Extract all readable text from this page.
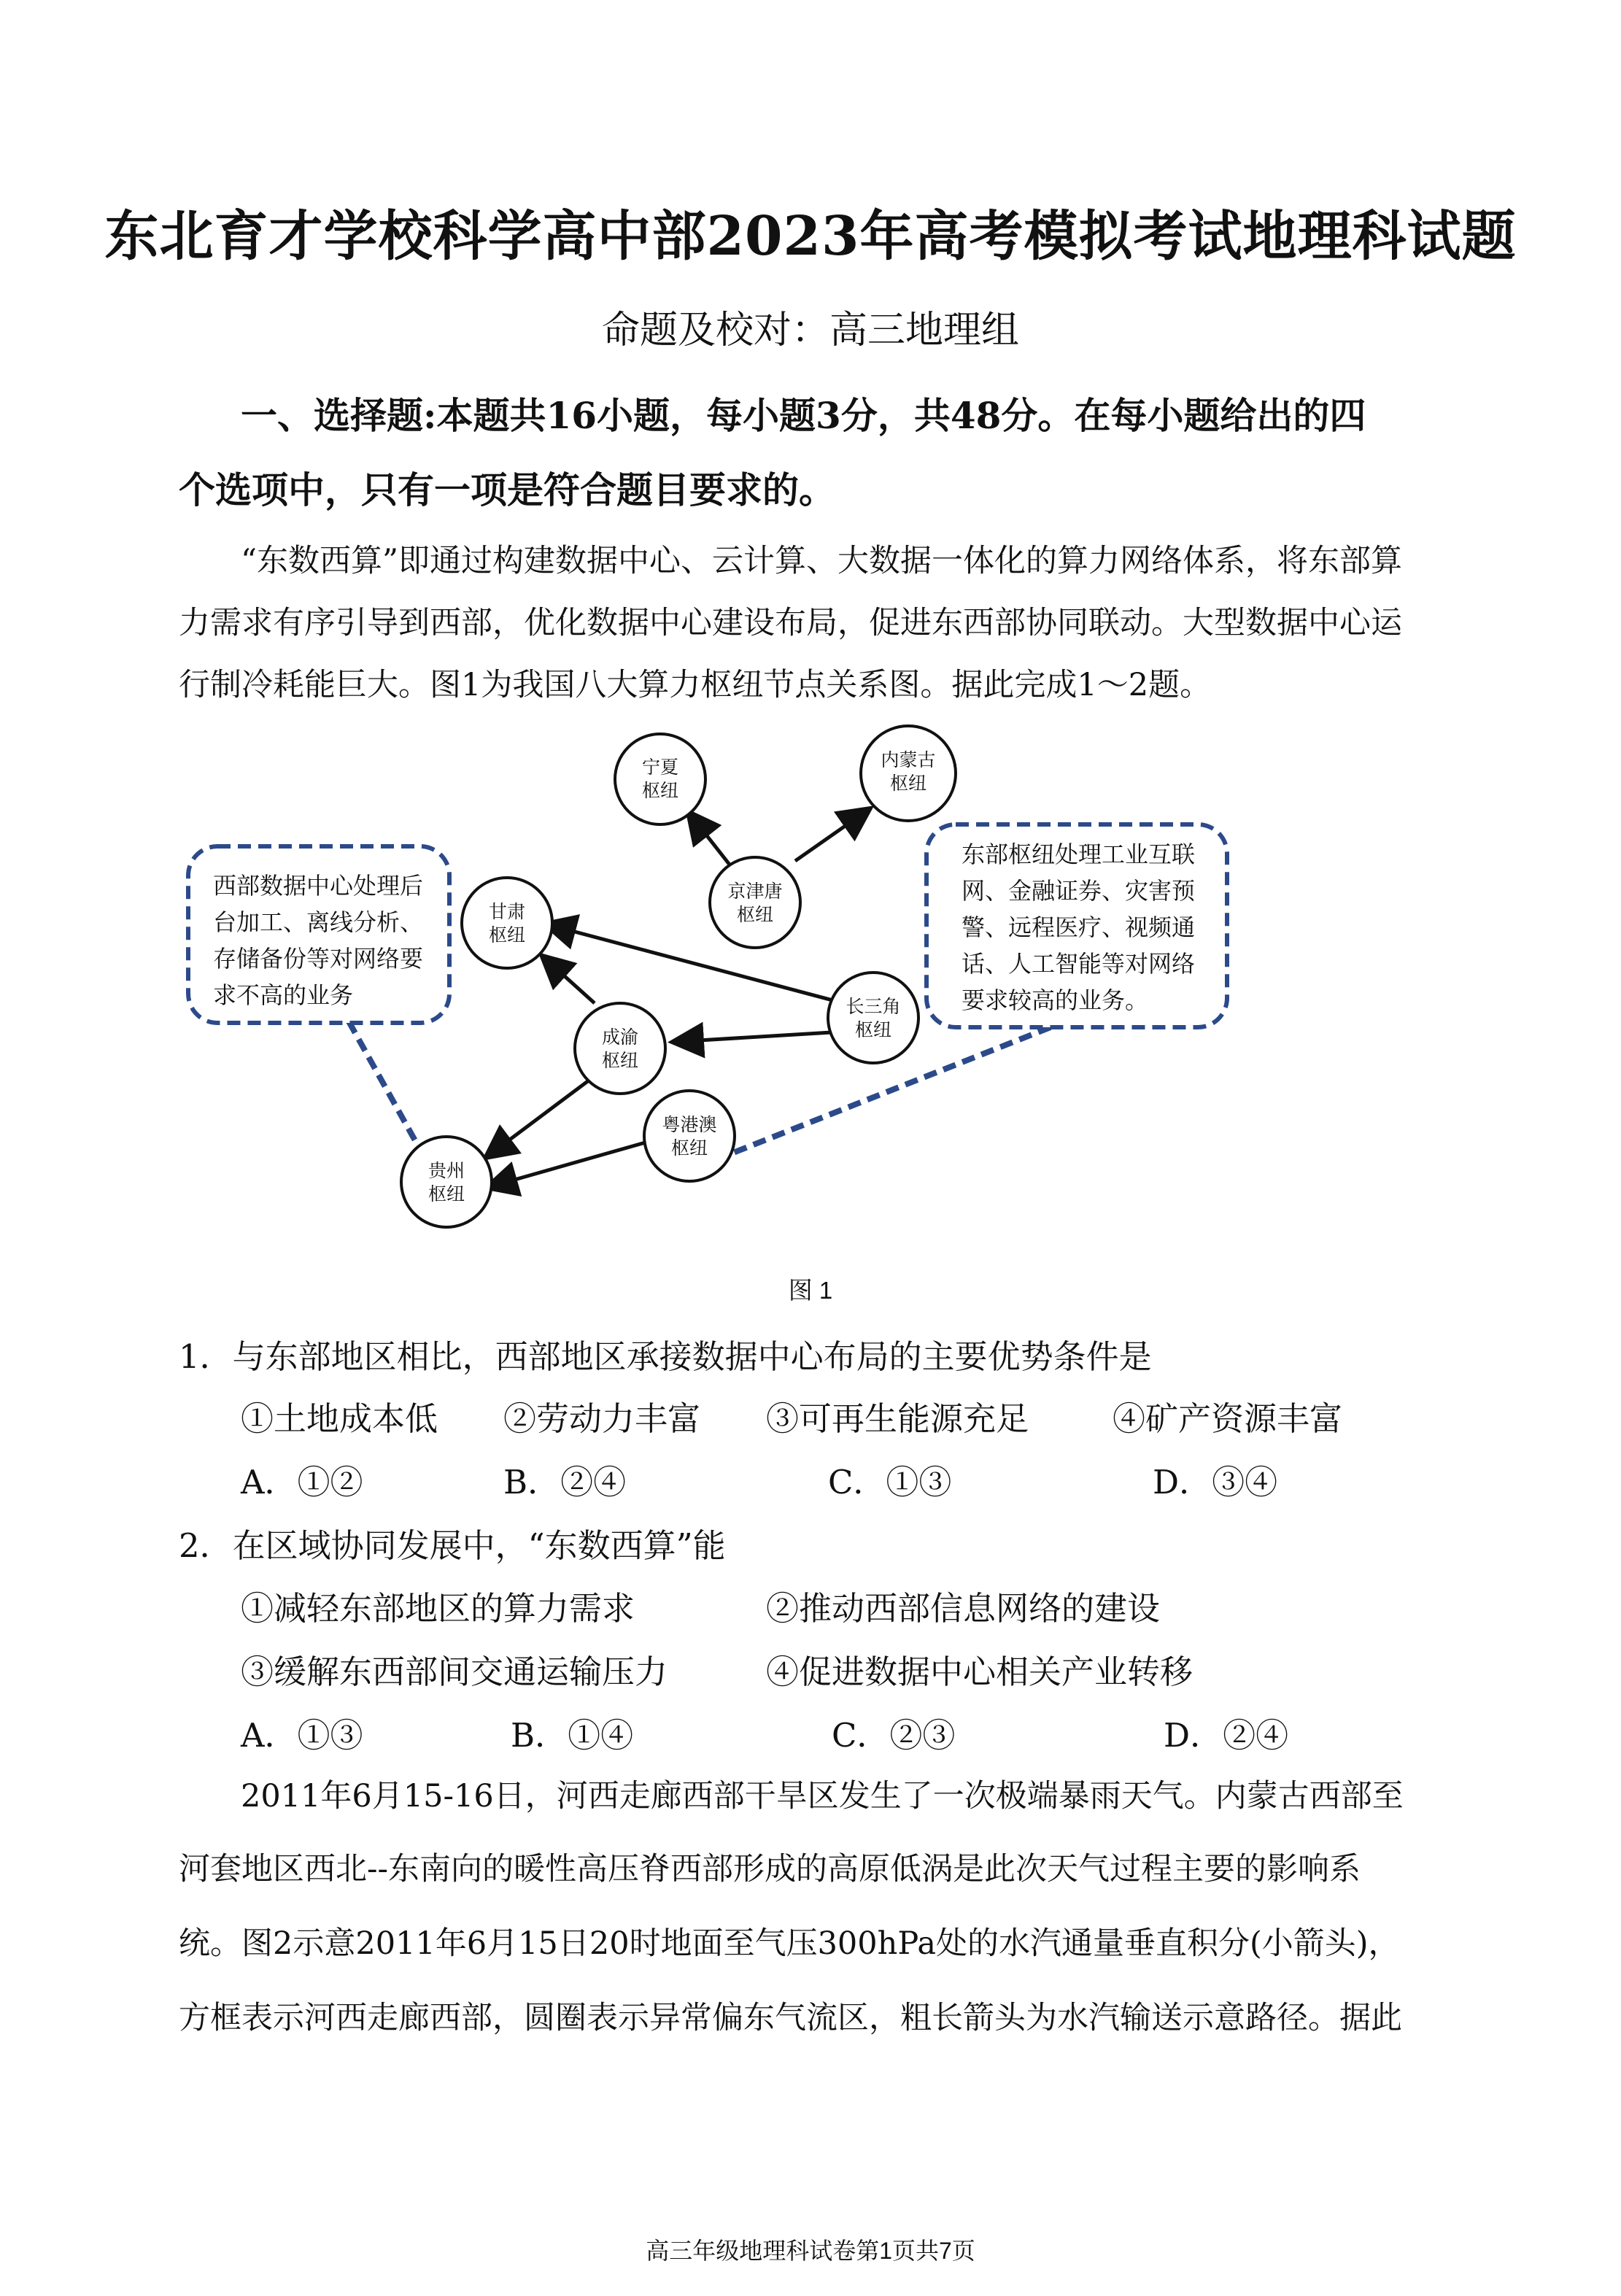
东北育才学校科学高中部2023年高考模拟考试地理科试题
命题及校对：高三地理组
一、选择题:本题共16小题，每小题3分，共48分。在每小题给出的四
个选项中，只有一项是符合题目要求的。
“东数西算”即通过构建数据中心、云计算、大数据一体化的算力网络体系，将东部算
力需求有序引导到西部，优化数据中心建设布局，促进东西部协同联动。大型数据中心运
行制冷耗能巨大。图1为我国八大算力枢纽节点关系图。据此完成1～2题。
宁夏
枢纽
内蒙古
枢纽
京津唐
枢纽
甘肃
枢纽
长三角
枢纽
成渝
枢纽
粤港澳
枢纽
贵州
枢纽
西部数据中心处理后
台加工、离线分析、
存储备份等对网络要
求不高的业务
东部枢纽处理工业互联
网、金融证券、灾害预
警、远程医疗、视频通
话、人工智能等对网络
要求较高的业务。
图 1
1．与东部地区相比，西部地区承接数据中心布局的主要优势条件是
①土地成本低 ②劳动力丰富 ③可再生能源充足	④矿产资源丰富
A．①②	B．②④	C．①③	D．③④
2．在区域协同发展中，“东数西算”能
①减轻东部地区的算力需求	②推动西部信息网络的建设
③缓解东西部间交通运输压力	④促进数据中心相关产业转移
A．①③	B．①④	C．②③	D．②④
2011年6月15-16日，河西走廊西部干旱区发生了一次极端暴雨天气。内蒙古西部至
河套地区西北--东南向的暖性高压脊西部形成的高原低涡是此次天气过程主要的影响系
统。图2示意2011年6月15日20时地面至气压300hPa处的水汽通量垂直积分(小箭头)，
方框表示河西走廊西部，圆圈表示异常偏东气流区，粗长箭头为水汽输送示意路径。据此
高三年级地理科试卷第1页共7页
